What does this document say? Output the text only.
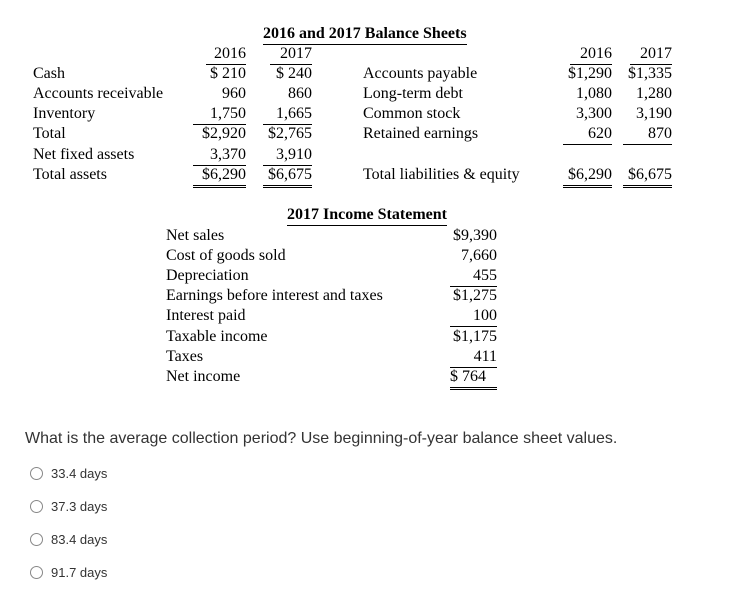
2016 and 2017 Balance Sheets
2016	2017	2016	2017
Cash	$ 210	$ 240
Accounts receivable	960	860
Inventory	1,750	1,665
Total	$2,920	$2,765
Net fixed assets	3,370	3,910
Total assets	$6,290	$6,675
Accounts payable	$1,290	$1,335
Long-term debt	1,080	1,280
Common stock	3,300	3,190
Retained earnings	620	870
Total liabilities & equity	$6,290	$6,675
2017 Income Statement
Net sales	$9,390
Cost of goods sold	7,660
Depreciation	455
Earnings before interest and taxes	$1,275
Interest paid	100
Taxable income	$1,175
Taxes	411
Net income	$ 764
What is the average collection period? Use beginning-of-year balance sheet values.
33.4 days
37.3 days
83.4 days
91.7 days
